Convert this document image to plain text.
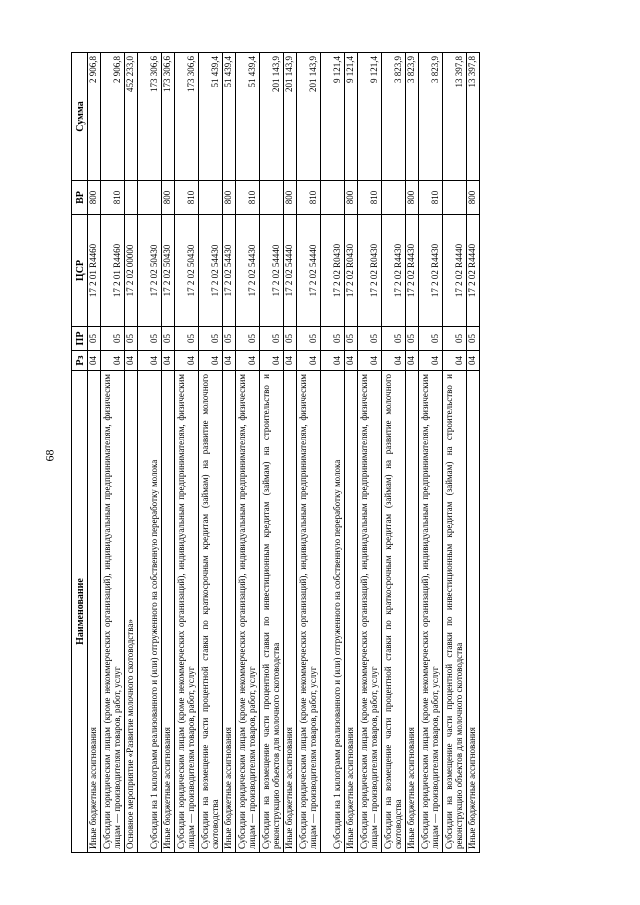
68
Наименование	Рз	ПР	ЦСР	ВР	Сумма
Иные бюджетные ассигнования	04	05	17 2 01 R4460	800	2 906,8
Субсидии юридическим лицам (кроме некоммерческих организаций), индивидуальным предпринимателям, физическим лицам — производителям товаров, работ, услуг	04	05	17 2 01 R4460	810	2 906,8
Основное мероприятие «Развитие молочного скотоводства»	04	05	17 2 02 00000		452 233,0
Субсидии на 1 килограмм реализованного и (или) отгруженного на собственную переработку молока	04	05	17 2 02 50430		173 306,6
Иные бюджетные ассигнования	04	05	17 2 02 50430	800	173 306,6
Субсидии юридическим лицам (кроме некоммерческих организаций), индивидуальным предпринимателям, физическим лицам — производителям товаров, работ, услуг	04	05	17 2 02 50430	810	173 306,6
Субсидии на возмещение части процентной ставки по краткосрочным кредитам (займам) на развитие молочного скотоводства	04	05	17 2 02 54430		51 439,4
Иные бюджетные ассигнования	04	05	17 2 02 54430	800	51 439,4
Субсидии юридическим лицам (кроме некоммерческих организаций), индивидуальным предпринимателям, физическим лицам — производителям товаров, работ, услуг	04	05	17 2 02 54430	810	51 439,4
Субсидии на возмещение части процентной ставки по инвестиционным кредитам (займам) на строительство и реконструкцию объектов для молочного скотоводства	04	05	17 2 02 54440		201 143,9
Иные бюджетные ассигнования	04	05	17 2 02 54440	800	201 143,9
Субсидии юридическим лицам (кроме некоммерческих организаций), индивидуальным предпринимателям, физическим лицам — производителям товаров, работ, услуг	04	05	17 2 02 54440	810	201 143,9
Субсидии на 1 килограмм реализованного и (или) отгруженного на собственную переработку молока	04	05	17 2 02 R0430		9 121,4
Иные бюджетные ассигнования	04	05	17 2 02 R0430	800	9 121,4
Субсидии юридическим лицам (кроме некоммерческих организаций), индивидуальным предпринимателям, физическим лицам — производителям товаров, работ, услуг	04	05	17 2 02 R0430	810	9 121,4
Субсидии на возмещение части процентной ставки по краткосрочным кредитам (займам) на развитие молочного скотоводства	04	05	17 2 02 R4430		3 823,9
Иные бюджетные ассигнования	04	05	17 2 02 R4430	800	3 823,9
Субсидии юридическим лицам (кроме некоммерческих организаций), индивидуальным предпринимателям, физическим лицам — производителям товаров, работ, услуг	04	05	17 2 02 R4430	810	3 823,9
Субсидии на возмещение части процентной ставки по инвестиционным кредитам (займам) на строительство и реконструкцию объектов для молочного скотоводства	04	05	17 2 02 R4440		13 397,8
Иные бюджетные ассигнования	04	05	17 2 02 R4440	800	13 397,8
